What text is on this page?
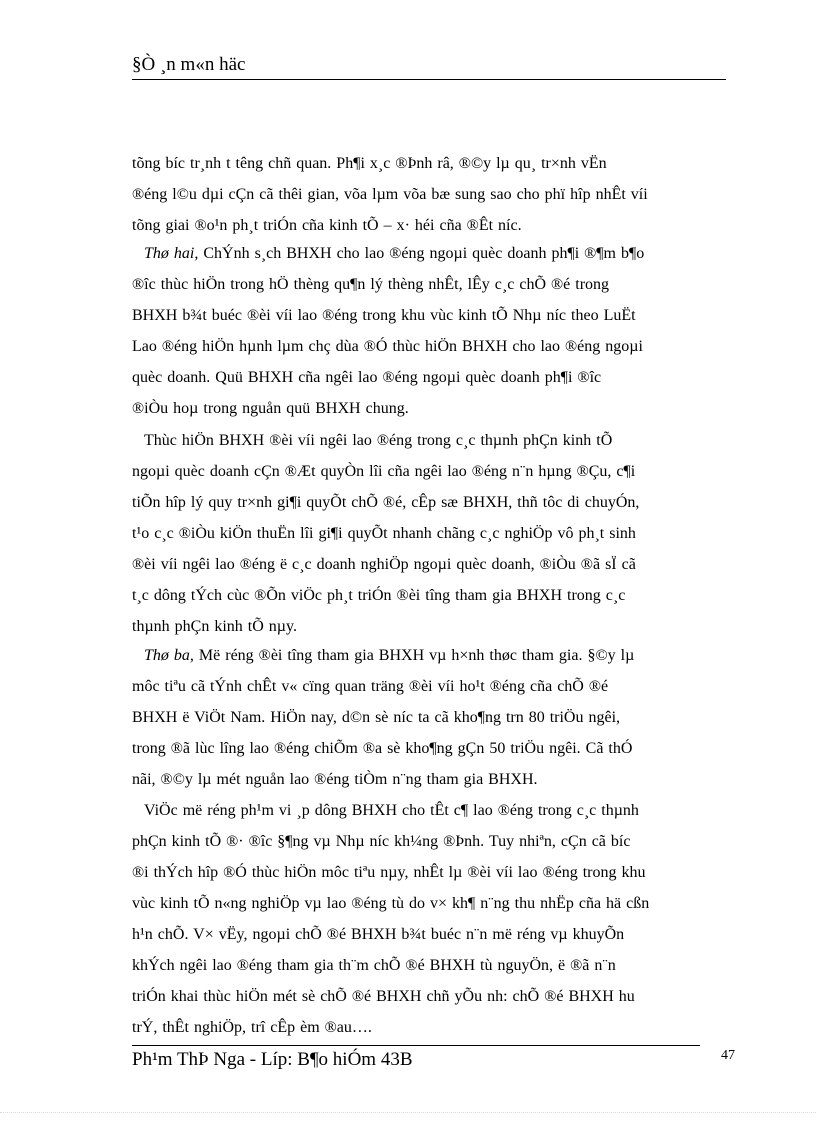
§Ò ¸n m«n häc
tõng bíc tr¸nh t têng chñ quan. Ph¶i x¸c ®Þnh râ, ®©y lµ qu¸ tr×nh vËn
®éng l©u dµi cÇn cã thêi gian, võa lµm võa bæ sung sao cho phï hîp nhÊt víi
tõng giai ®o¹n ph¸t triÓn cña kinh tÕ – x· héi cña ®Êt níc.
Thø hai, ChÝnh s¸ch BHXH cho lao ®éng ngoµi quèc doanh ph¶i ®¶m b¶o
®îc thùc hiÖn trong hÖ thèng qu¶n lý thèng nhÊt, lÊy c¸c chÕ ®é trong
BHXH b¾t buéc ®èi víi lao ®éng trong khu vùc kinh tÕ Nhµ níc theo LuËt
Lao ®éng hiÖn hµnh lµm chç dùa ®Ó thùc hiÖn BHXH cho lao ®éng ngoµi
quèc doanh. Quü BHXH cña ngêi lao ®éng ngoµi quèc doanh ph¶i ®îc
®iÒu hoµ trong nguån quü BHXH chung.
Thùc hiÖn BHXH ®èi víi ngêi lao ®éng trong c¸c thµnh phÇn kinh tÕ
ngoµi quèc doanh cÇn ®Æt quyÒn lîi cña ngêi lao ®éng n¨n hµng ®Çu, c¶i
tiÕn hîp lý quy tr×nh gi¶i quyÕt chÕ ®é, cÊp sæ BHXH, thñ tôc di chuyÓn,
t¹o c¸c ®iÒu kiÖn thuËn lîi gi¶i quyÕt nhanh chãng c¸c nghiÖp vô ph¸t sinh
®èi víi ngêi lao ®éng ë c¸c doanh nghiÖp ngoµi quèc doanh, ®iÒu ®ã sÏ cã
t¸c dông tÝch cùc ®Õn viÖc ph¸t triÓn ®èi tîng tham gia BHXH trong c¸c
thµnh phÇn kinh tÕ nµy.
Thø ba, Më réng ®èi tîng tham gia BHXH vµ h×nh thøc tham gia. §©y lµ
môc tiªu cã tÝnh chÊt v« cïng quan träng ®èi víi ho¹t ®éng cña chÕ ®é
BHXH ë ViÖt Nam. HiÖn nay, d©n sè níc ta cã kho¶ng trn 80 triÖu ngêi,
trong ®ã lùc lîng lao ®éng chiÕm ®a sè kho¶ng gÇn 50 triÖu ngêi. Cã thÓ
nãi, ®©y lµ mét nguån lao ®éng tiÒm n¨ng tham gia BHXH.
ViÖc më réng ph¹m vi ¸p dông BHXH cho tÊt c¶ lao ®éng trong c¸c thµnh
phÇn kinh tÕ ®· ®îc §¶ng vµ Nhµ níc kh¼ng ®Þnh. Tuy nhiªn, cÇn cã bíc
®i thÝch hîp ®Ó thùc hiÖn môc tiªu nµy, nhÊt lµ ®èi víi lao ®éng trong khu
vùc kinh tÕ n«ng nghiÖp vµ lao ®éng tù do v× kh¶ n¨ng thu nhËp cña hä cßn
h¹n chÕ. V× vËy, ngoµi chÕ ®é BHXH b¾t buéc n¨n më réng vµ khuyÕn
khÝch ngêi lao ®éng tham gia th¨m chÕ ®é BHXH tù nguyÖn, ë ®ã n¨n
triÓn khai thùc hiÖn mét sè chÕ ®é BHXH chñ yÕu nh: chÕ ®é BHXH hu
trÝ, thÊt nghiÖp, trî cÊp èm ®au….
Ph¹m ThÞ Nga - Líp: B¶o hiÓm 43B	47
